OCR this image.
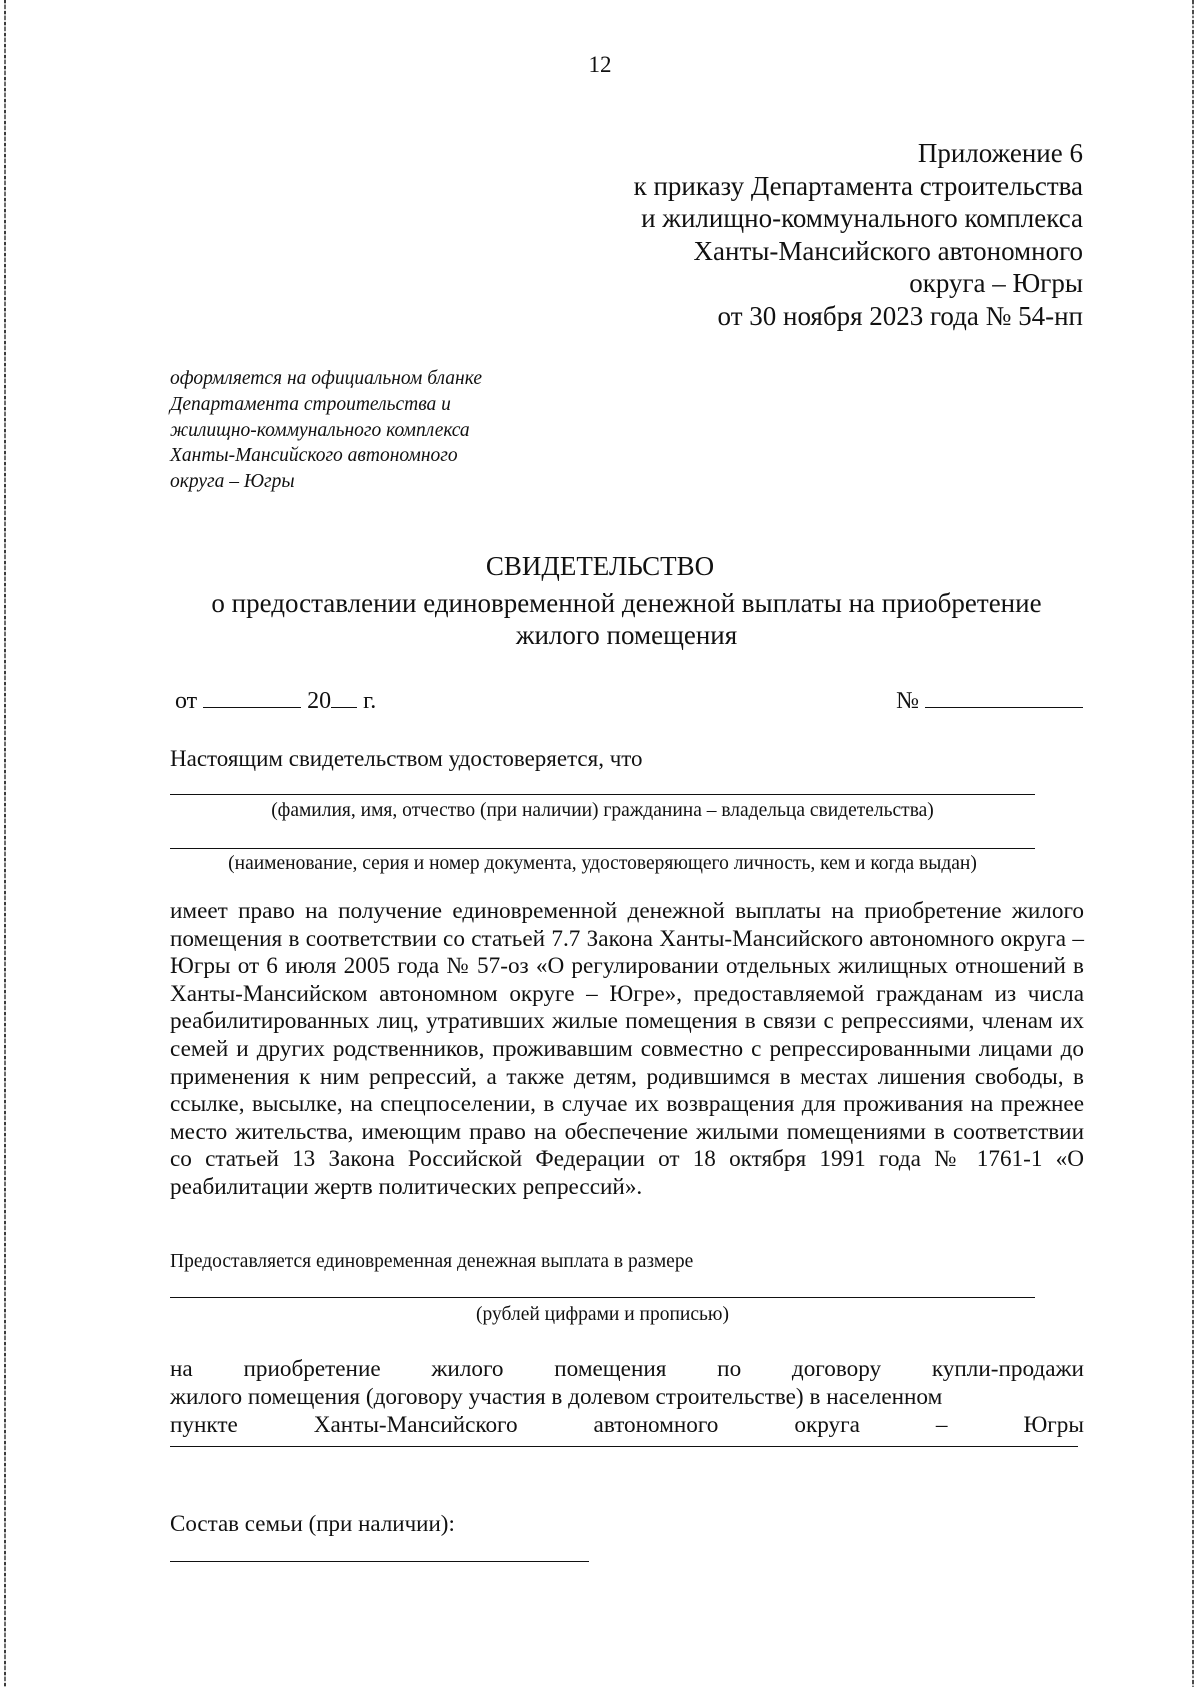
12
Приложение 6
к приказу Департамента строительства
и жилищно-коммунального комплекса
Ханты-Мансийского автономного
округа – Югры
от 30 ноября 2023 года № 54-нп
оформляется на официальном бланке
Департамента строительства и
жилищно-коммунального комплекса
Ханты-Мансийского автономного
округа – Югры
СВИДЕТЕЛЬСТВО
о предоставлении единовременной денежной выплаты на приобретение жилого помещения
от	20 г.	№
Настоящим свидетельством удостоверяется, что
(фамилия, имя, отчество (при наличии) гражданина – владельца свидетельства)
(наименование, серия и номер документа, удостоверяющего личность, кем и когда выдан)
имеет право на получение единовременной денежной выплаты на приобретение жилого помещения в соответствии со статьей 7.7 Закона Ханты-Мансийского автономного округа – Югры от 6 июля 2005 года № 57-оз «О регулировании отдельных жилищных отношений в Ханты-Мансийском автономном округе – Югре», предоставляемой гражданам из числа реабилитированных лиц, утративших жилые помещения в связи с репрессиями, членам их семей и других родственников, проживавшим совместно с репрессированными лицами до применения к ним репрессий, а также детям, родившимся в местах лишения свободы, в ссылке, высылке, на спецпоселении, в случае их возвращения для проживания на прежнее место жительства, имеющим право на обеспечение жилыми помещениями в соответствии со статьей 13 Закона Российской Федерации от 18 октября 1991 года № 1761-1 «О реабилитации жертв политических репрессий».
Предоставляется единовременная денежная выплата в размере
(рублей цифрами и прописью)
на приобретение жилого помещения по договору купли-продажи
жилого помещения (договору участия в долевом строительстве) в населенном
пункте	Ханты-Мансийского	автономного	округа	–	Югры
Состав семьи (при наличии):
